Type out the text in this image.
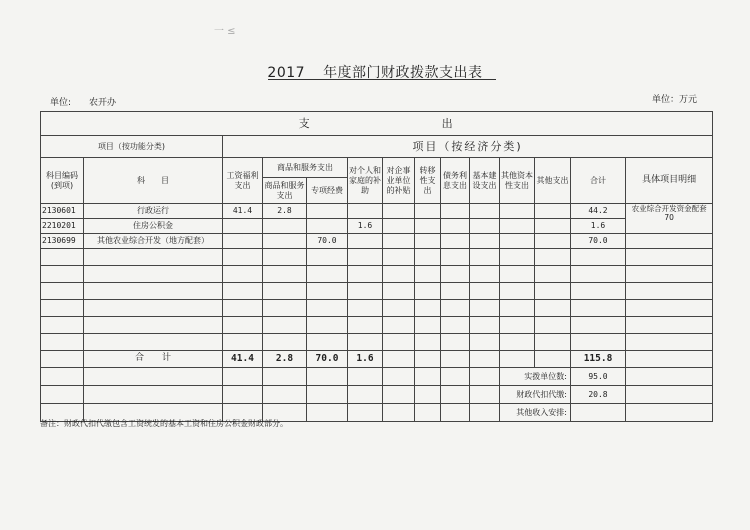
一 ≤
2017 年度部门财政拨款支出表
单位: 农开办	单位：万元
支　　　　　　　　　　出													
项目（按功能分类)		项目（按经济分类)											
科目编码(到项)	科　　目	工资福利支出	商品和服务支出		对个人和家庭的补助	对企事业单位的补贴	转移性支出	债务利息支出	基本建设支出	其他资本性支出	其他支出	合计	具体项目明细
			商品和服务支出	专项经费									
2130601	行政运行	41.4	2.8									44.2	农业综合开发资金配套70
2210201	住房公积金				1.6							1.6	
2130699	其他农业综合开发（地方配套）			70.0								70.0	

	合　　计	41.4	2.8	70.0	1.6							115.8	
										实拨单位数:		95.0	
										财政代扣代缴:		20.8	
										其他收入安排:			
备注：财政代扣代缴包含工资统发的基本工资和住房公积金财政部分。
